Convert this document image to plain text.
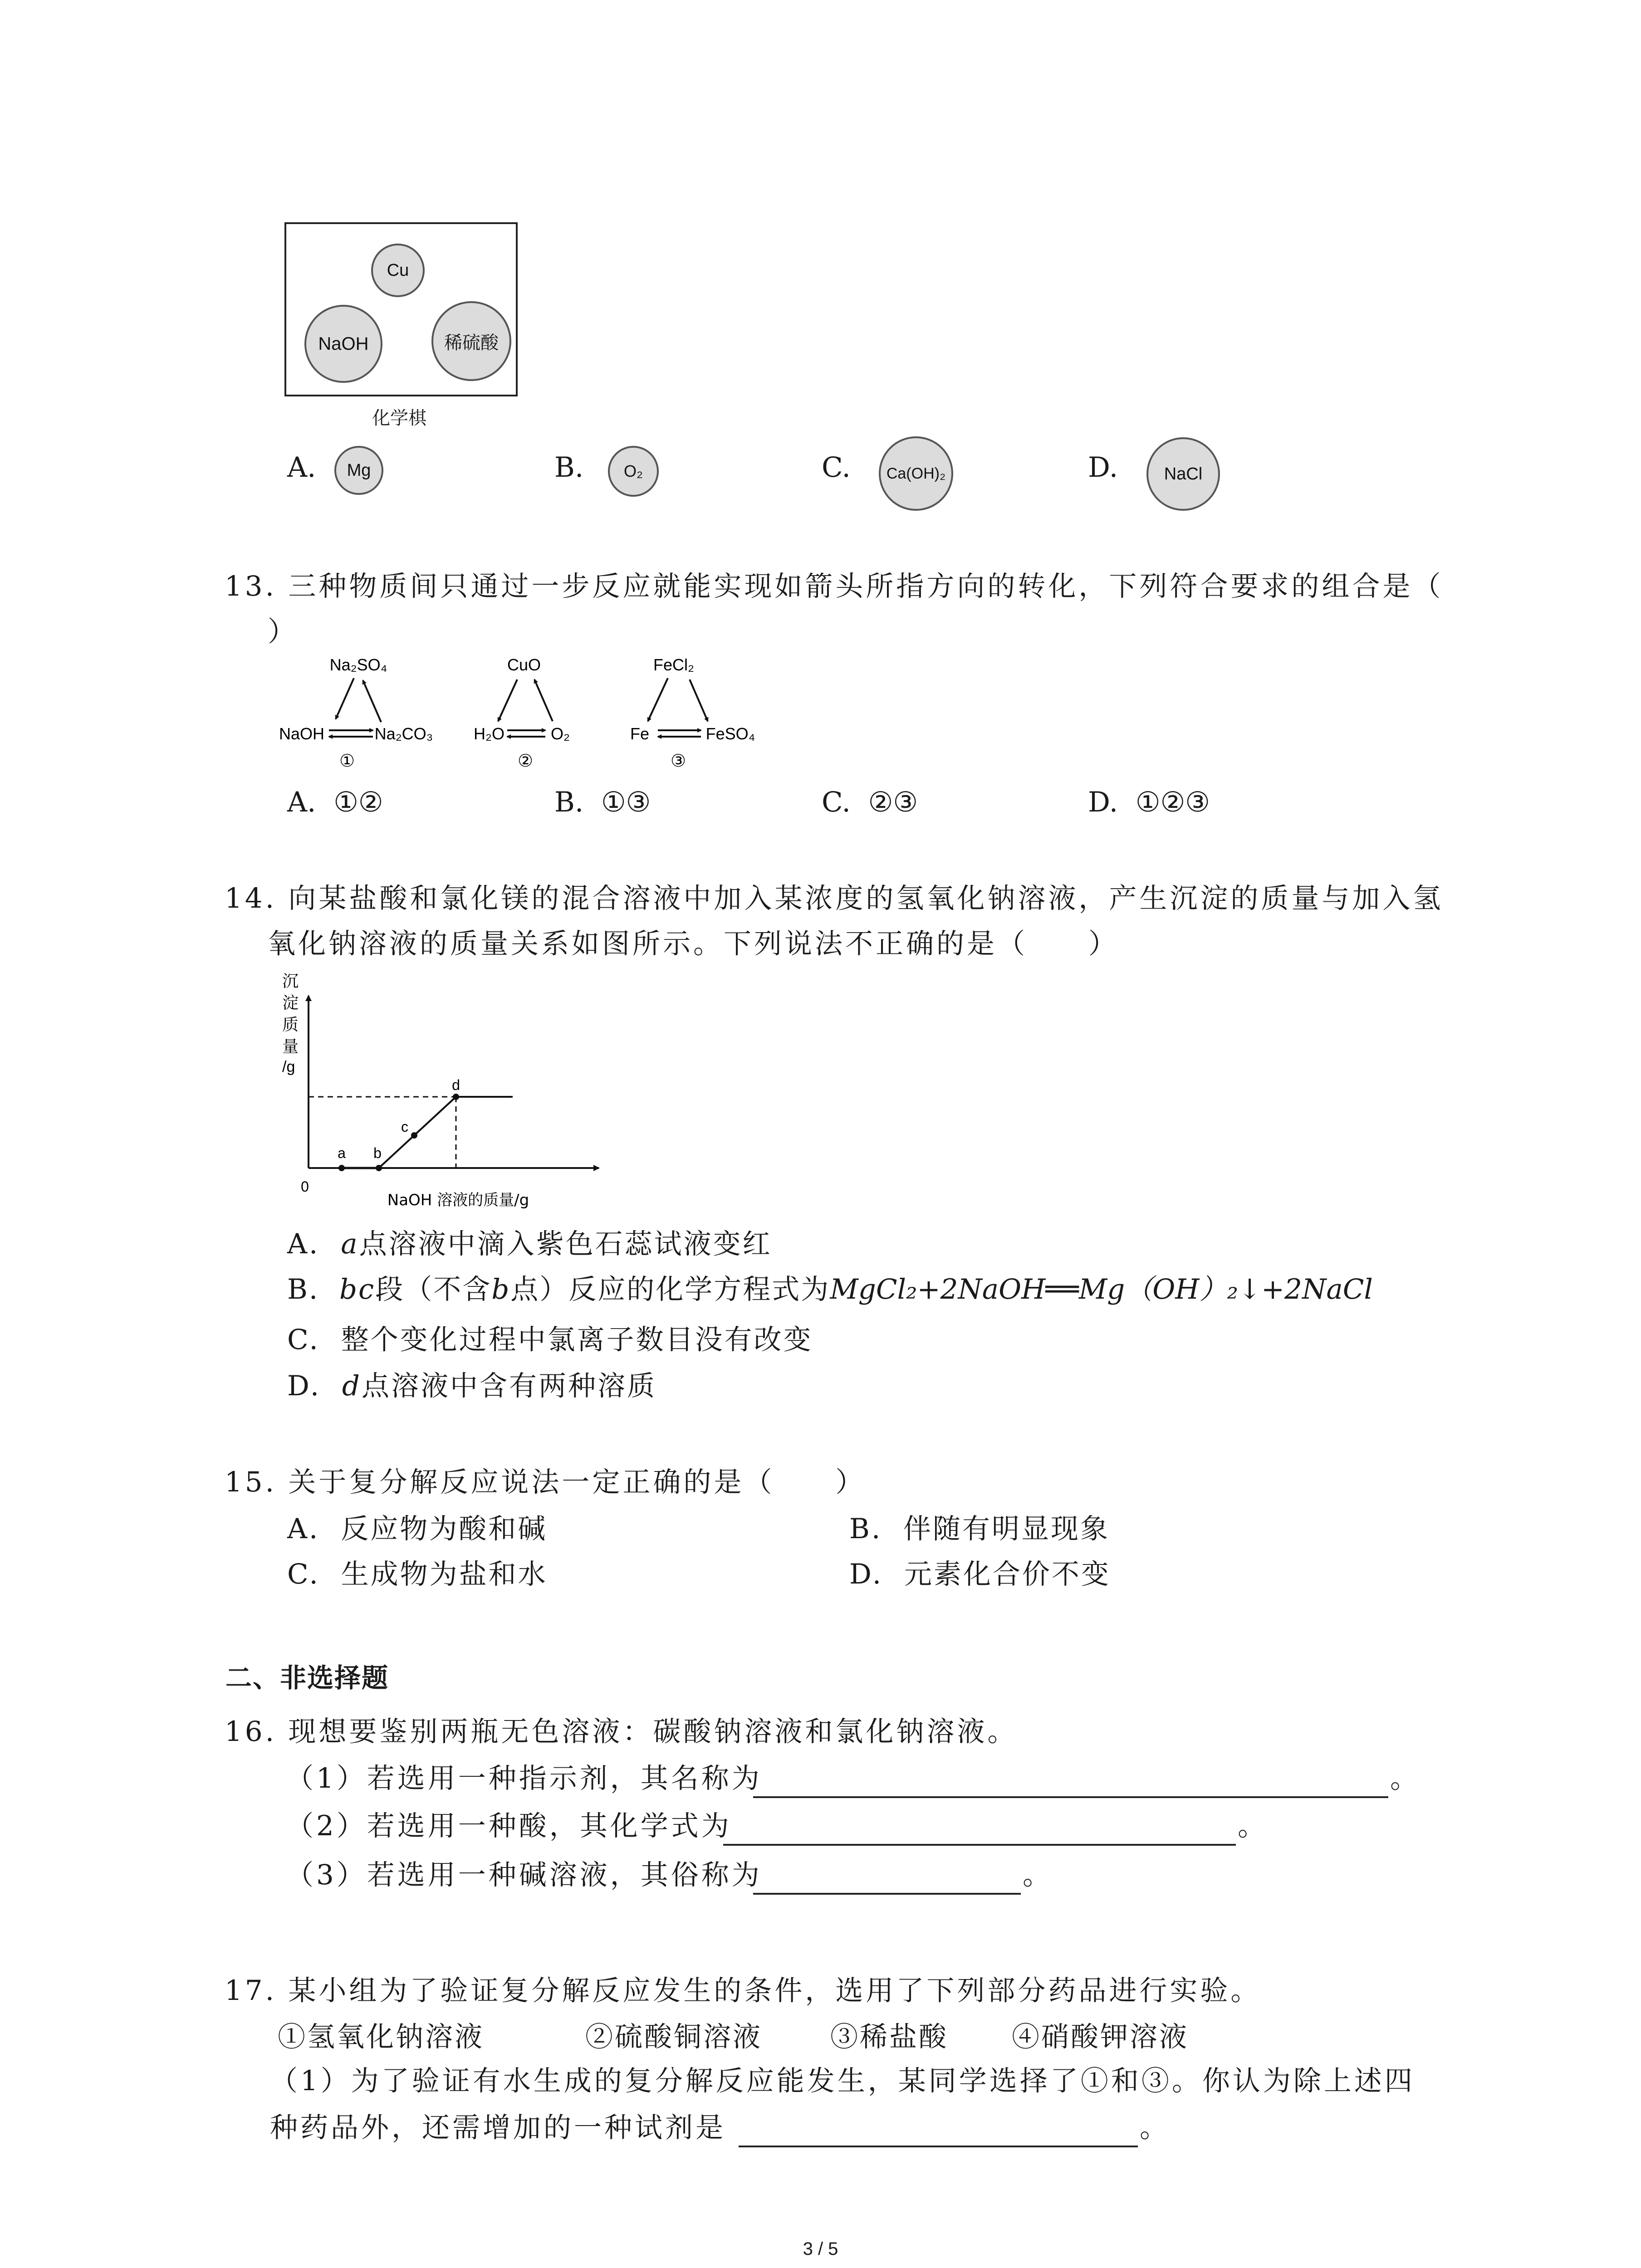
Cu
NaOH	稀硫酸
化学棋
A. Mg	B. O₂	C. Ca(OH)₂	D.	NaCl
13. 三种物质间只通过一步反应就能实现如箭头所指方向的转化，下列符合要求的组合是（
）
Na₂SO₄
NaOH	Na₂CO₃
①
CuO
H₂O	O₂
②
FeCl₂
Fe	FeSO₄
③
A. ①②	B. ①③	C. ②③	D. ①②③
14. 向某盐酸和氯化镁的混合溶液中加入某浓度的氢氧化钠溶液，产生沉淀的质量与加入氢
氧化钠溶液的质量关系如图所示。下列说法不正确的是（　　）
沉
淀
质
量
/g
0
a b
c
d
NaOH 溶液的质量/g
A. a点溶液中滴入紫色石蕊试液变红
B. bc段（不含b点）反应的化学方程式为MgCl₂+2NaOH══Mg（OH）₂↓+2NaCl
C. 整个变化过程中氯离子数目没有改变
D. d点溶液中含有两种溶质
15. 关于复分解反应说法一定正确的是（　　）
A. 反应物为酸和碱	B. 伴随有明显现象
C. 生成物为盐和水	D. 元素化合价不变
二、非选择题
16. 现想要鉴别两瓶无色溶液：碳酸钠溶液和氯化钠溶液。
（1）若选用一种指示剂，其名称为	。
（2）若选用一种酸，其化学式为	。
（3）若选用一种碱溶液，其俗称为	。
17. 某小组为了验证复分解反应发生的条件，选用了下列部分药品进行实验。
①氢氧化钠溶液	②硫酸铜溶液 ③稀盐酸 ④硝酸钾溶液
（1）为了验证有水生成的复分解反应能发生，某同学选择了①和③。你认为除上述四
种药品外，还需增加的一种试剂是	。
3 / 5
